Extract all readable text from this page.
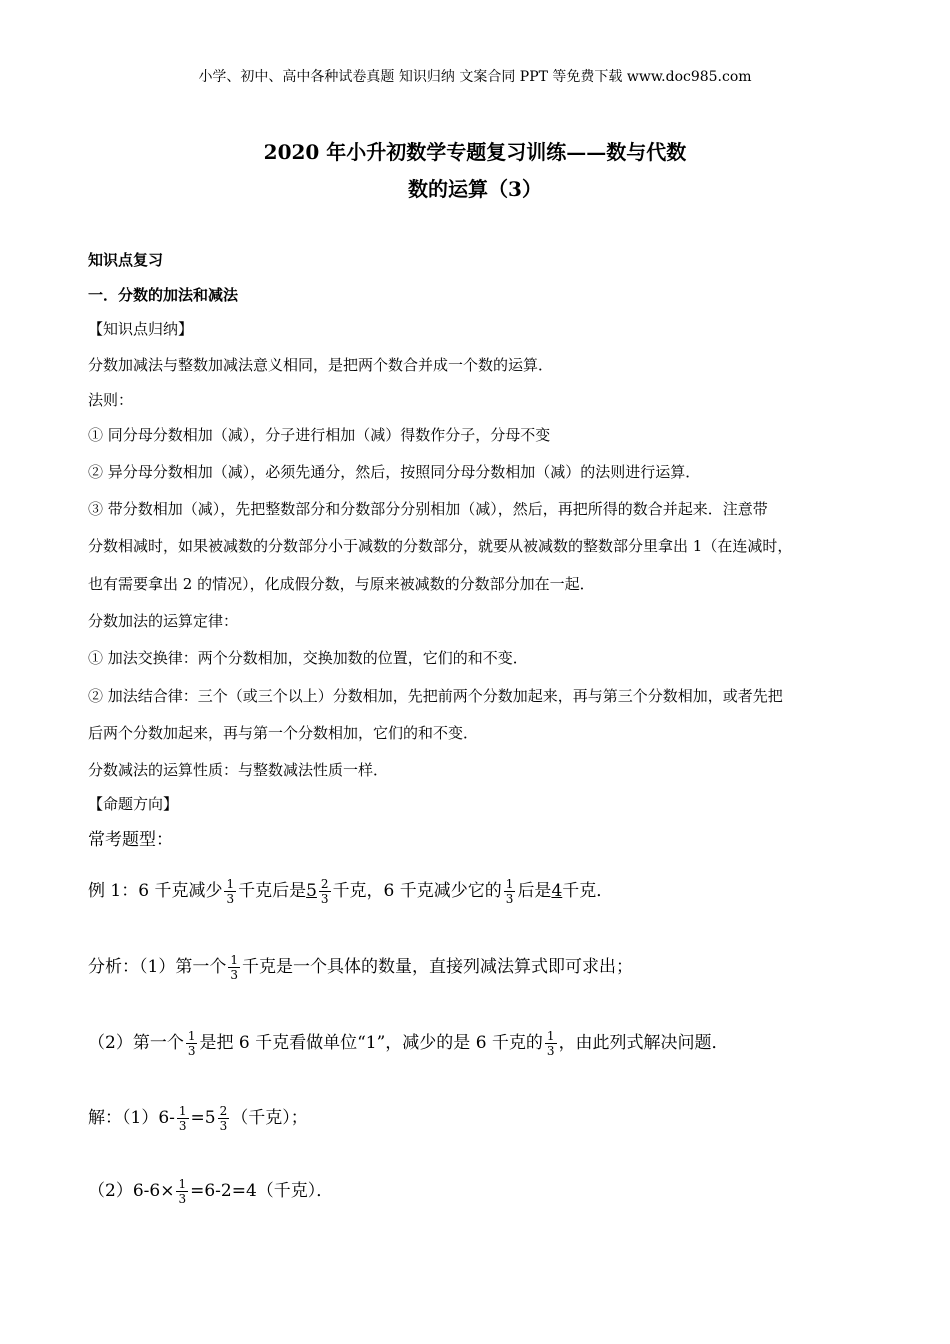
小学、初中、高中各种试卷真题 知识归纳 文案合同 PPT 等免费下载 www.doc985.com
2020 年小升初数学专题复习训练——数与代数
数的运算（3）
知识点复习
一．分数的加法和减法
【知识点归纳】
分数加减法与整数加减法意义相同，是把两个数合并成一个数的运算．
法则：
① 同分母分数相加（减），分子进行相加（减）得数作分子，分母不变
② 异分母分数相加（减），必须先通分，然后，按照同分母分数相加（减）的法则进行运算．
③ 带分数相加（减），先把整数部分和分数部分分别相加（减），然后，再把所得的数合并起来．注意带
分数相减时，如果被减数的分数部分小于减数的分数部分，就要从被减数的整数部分里拿出 1（在连减时，
也有需要拿出 2 的情况），化成假分数，与原来被减数的分数部分加在一起．
分数加法的运算定律：
① 加法交换律：两个分数相加，交换加数的位置，它们的和不变．
② 加法结合律：三个（或三个以上）分数相加，先把前两个分数加起来，再与第三个分数相加，或者先把
后两个分数加起来，再与第一个分数相加，它们的和不变．
分数减法的运算性质：与整数减法性质一样．
【命题方向】
常考题型：
例 1：6 千克减少 $\frac{1}{3}$ 千克后是$5 \frac{2}{3}$ 千克，6 千克减少它的 $\frac{1}{3}$ 后是4千克．
分析：（1）第一个 $\frac{1}{3}$ 千克是一个具体的数量，直接列减法算式即可求出；
（2）第一个 $\frac{1}{3}$ 是把 6 千克看做单位“1”，减少的是 6 千克的 $\frac{1}{3}$ ，由此列式解决问题．
解：$(1)6- \frac{1}{3} =5 \frac{2}{3}$ （千克）；
$(2)6-6\times \frac{1}{3} =6-2=4$（千克）．
